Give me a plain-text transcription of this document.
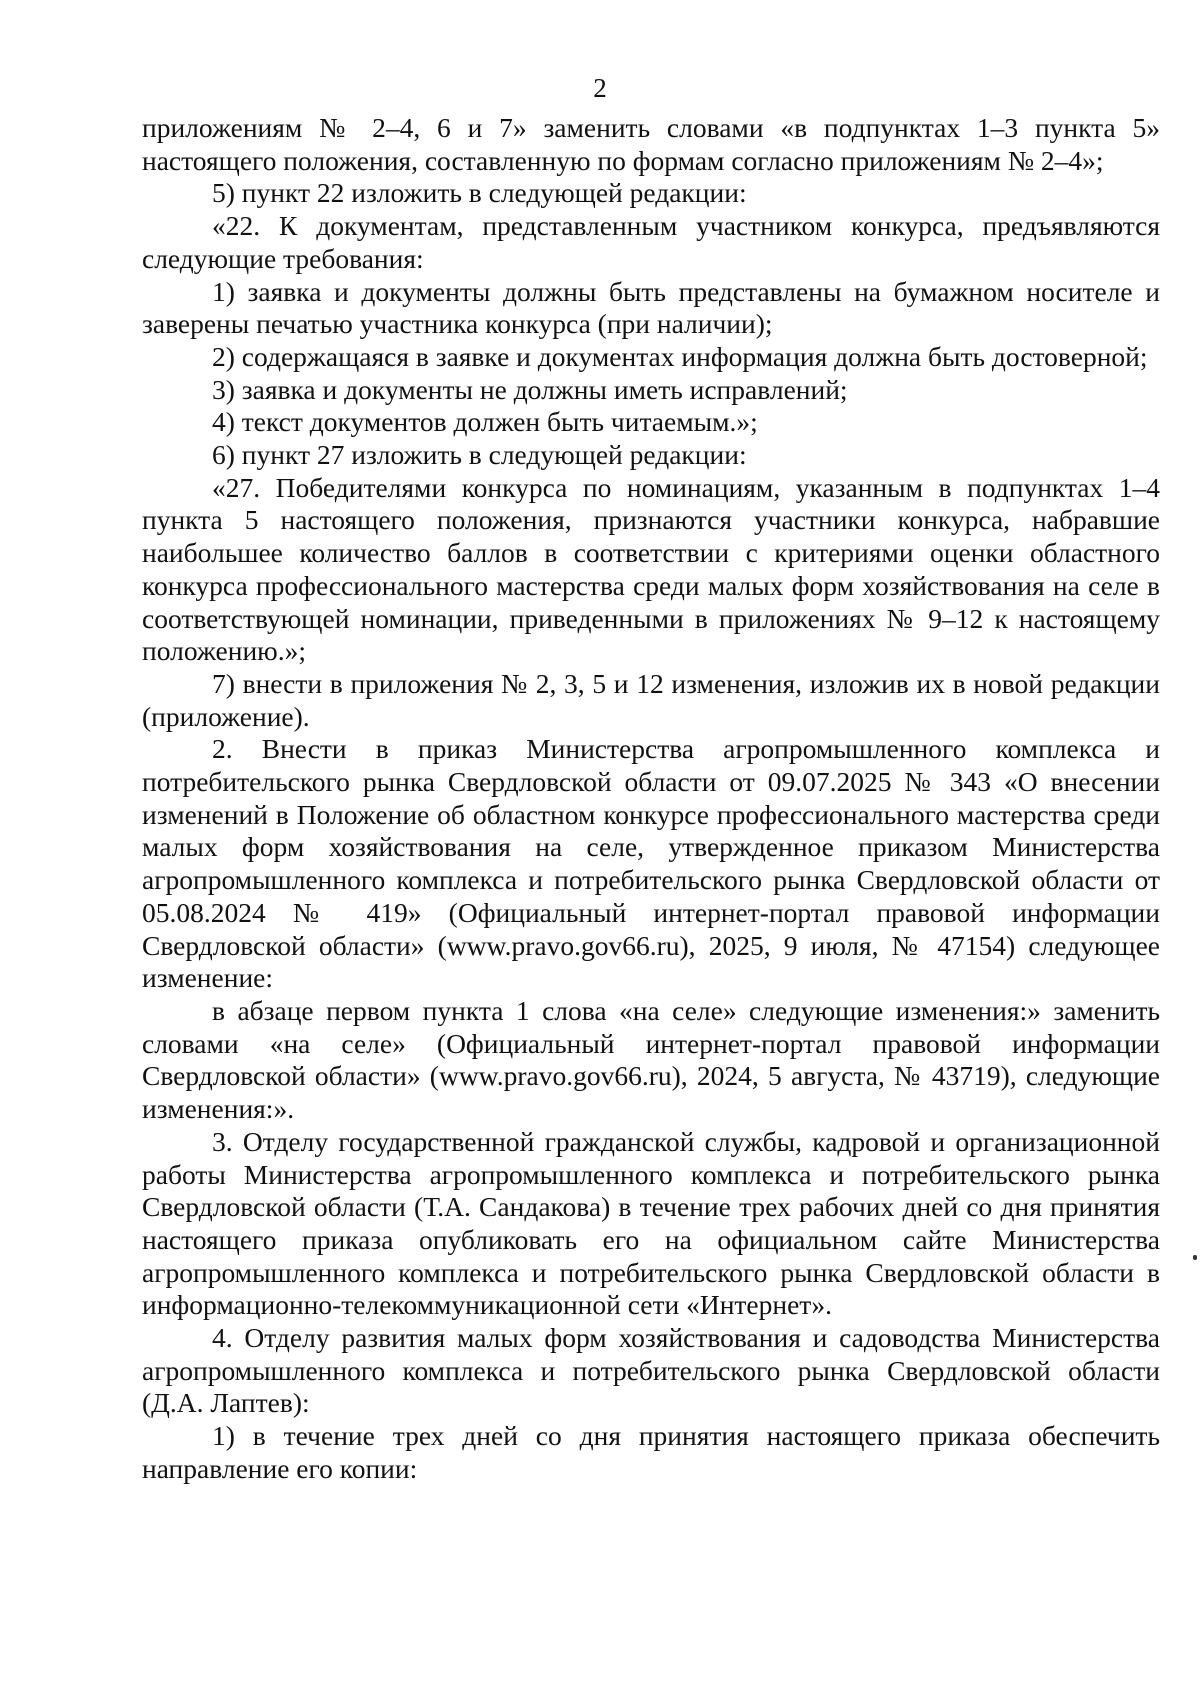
2

приложениям № 2–4, 6 и 7» заменить словами «в подпунктах 1–3 пункта 5» настоящего положения, составленную по формам согласно приложениям № 2–4»;

5) пункт 22 изложить в следующей редакции:

«22. К документам, представленным участником конкурса, предъявляются следующие требования:

1) заявка и документы должны быть представлены на бумажном носителе и заверены печатью участника конкурса (при наличии);

2) содержащаяся в заявке и документах информация должна быть достоверной;

3) заявка и документы не должны иметь исправлений;

4) текст документов должен быть читаемым.»;

6) пункт 27 изложить в следующей редакции:

«27. Победителями конкурса по номинациям, указанным в подпунктах 1–4 пункта 5 настоящего положения, признаются участники конкурса, набравшие наибольшее количество баллов в соответствии с критериями оценки областного конкурса профессионального мастерства среди малых форм хозяйствования на селе в соответствующей номинации, приведенными в приложениях № 9–12 к настоящему положению.»;

7) внести в приложения № 2, 3, 5 и 12 изменения, изложив их в новой редакции (приложение).

2. Внести в приказ Министерства агропромышленного комплекса и потребительского рынка Свердловской области от 09.07.2025 № 343 «О внесении изменений в Положение об областном конкурсе профессионального мастерства среди малых форм хозяйствования на селе, утвержденное приказом Министерства агропромышленного комплекса и потребительского рынка Свердловской области от 05.08.2024 № 419» (Официальный интернет-портал правовой информации Свердловской области» (www.pravo.gov66.ru), 2025, 9 июля, № 47154) следующее изменение:

в абзаце первом пункта 1 слова «на селе» следующие изменения:» заменить словами «на селе» (Официальный интернет-портал правовой информации Свердловской области» (www.pravo.gov66.ru), 2024, 5 августа, № 43719), следующие изменения:».

3. Отделу государственной гражданской службы, кадровой и организационной работы Министерства агропромышленного комплекса и потребительского рынка Свердловской области (Т.А. Сандакова) в течение трех рабочих дней со дня принятия настоящего приказа опубликовать его на официальном сайте Министерства агропромышленного комплекса и потребительского рынка Свердловской области в информационно-телекоммуникационной сети «Интернет».

4. Отделу развития малых форм хозяйствования и садоводства Министерства агропромышленного комплекса и потребительского рынка Свердловской области (Д.А. Лаптев):

1) в течение трех дней со дня принятия настоящего приказа обеспечить направление его копии:
